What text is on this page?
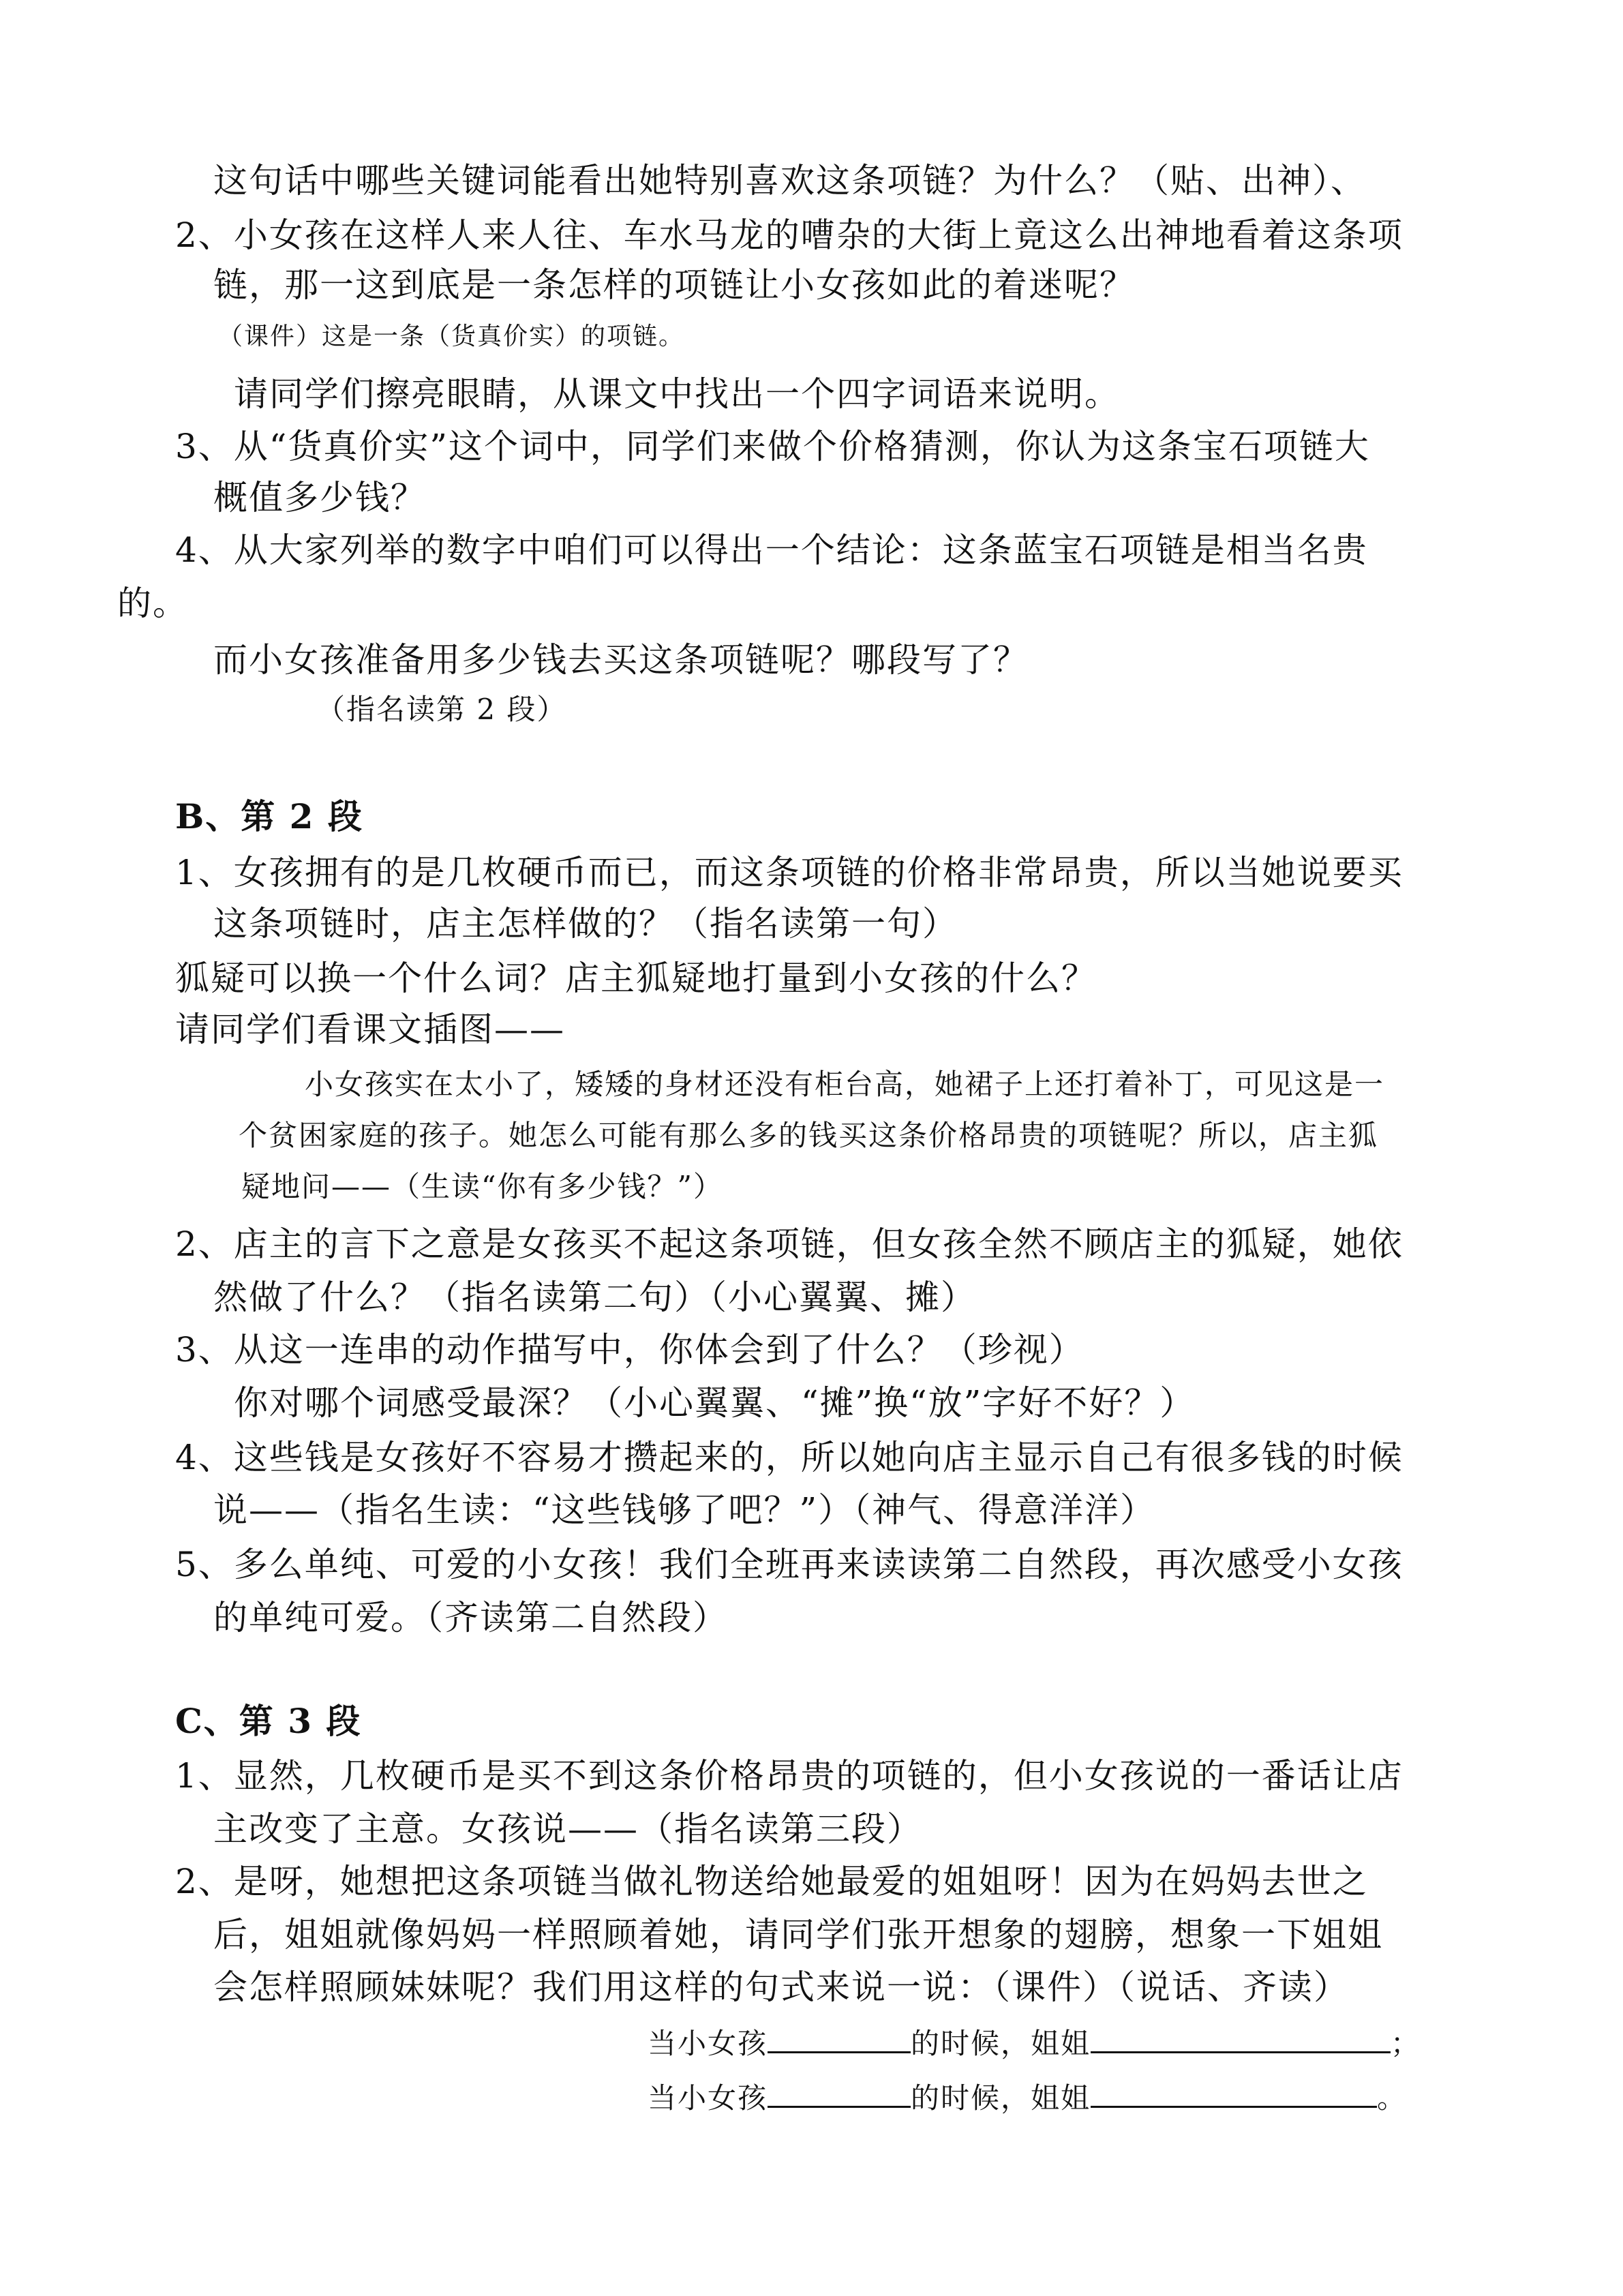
这句话中哪些关键词能看出她特别喜欢这条项链？为什么？（贴、出神）、
2、小女孩在这样人来人往、车水马龙的嘈杂的大街上竟这么出神地看着这条项
链，那一这到底是一条怎样的项链让小女孩如此的着迷呢？
（课件）这是一条（货真价实）的项链。
请同学们擦亮眼睛，从课文中找出一个四字词语来说明。
3、从“货真价实”这个词中，同学们来做个价格猜测，你认为这条宝石项链大
概值多少钱？
4、从大家列举的数字中咱们可以得出一个结论：这条蓝宝石项链是相当名贵
的。
而小女孩准备用多少钱去买这条项链呢？哪段写了？
（指名读第 2 段）
B、第 2 段
1、女孩拥有的是几枚硬币而已，而这条项链的价格非常昂贵，所以当她说要买
这条项链时，店主怎样做的？（指名读第一句）
狐疑可以换一个什么词？店主狐疑地打量到小女孩的什么？
请同学们看课文插图——
小女孩实在太小了，矮矮的身材还没有柜台高，她裙子上还打着补丁，可见这是一
个贫困家庭的孩子。她怎么可能有那么多的钱买这条价格昂贵的项链呢？所以，店主狐
疑地问——（生读“你有多少钱？”）
2、店主的言下之意是女孩买不起这条项链，但女孩全然不顾店主的狐疑，她依
然做了什么？（指名读第二句）（小心翼翼、摊）
3、从这一连串的动作描写中，你体会到了什么？（珍视）
你对哪个词感受最深？（小心翼翼、“摊”换“放”字好不好？）
4、这些钱是女孩好不容易才攒起来的，所以她向店主显示自己有很多钱的时候
说——（指名生读：“这些钱够了吧？”）（神气、得意洋洋）
5、多么单纯、可爱的小女孩！我们全班再来读读第二自然段，再次感受小女孩
的单纯可爱。（齐读第二自然段）
C、第 3 段
1、显然，几枚硬币是买不到这条价格昂贵的项链的，但小女孩说的一番话让店
主改变了主意。女孩说——（指名读第三段）
2、是呀，她想把这条项链当做礼物送给她最爱的姐姐呀！因为在妈妈去世之
后，姐姐就像妈妈一样照顾着她，请同学们张开想象的翅膀，想象一下姐姐
会怎样照顾妹妹呢？我们用这样的句式来说一说：（课件）（说话、齐读）
当小女孩	的时候，姐姐	；
当小女孩	的时候，姐姐	。
